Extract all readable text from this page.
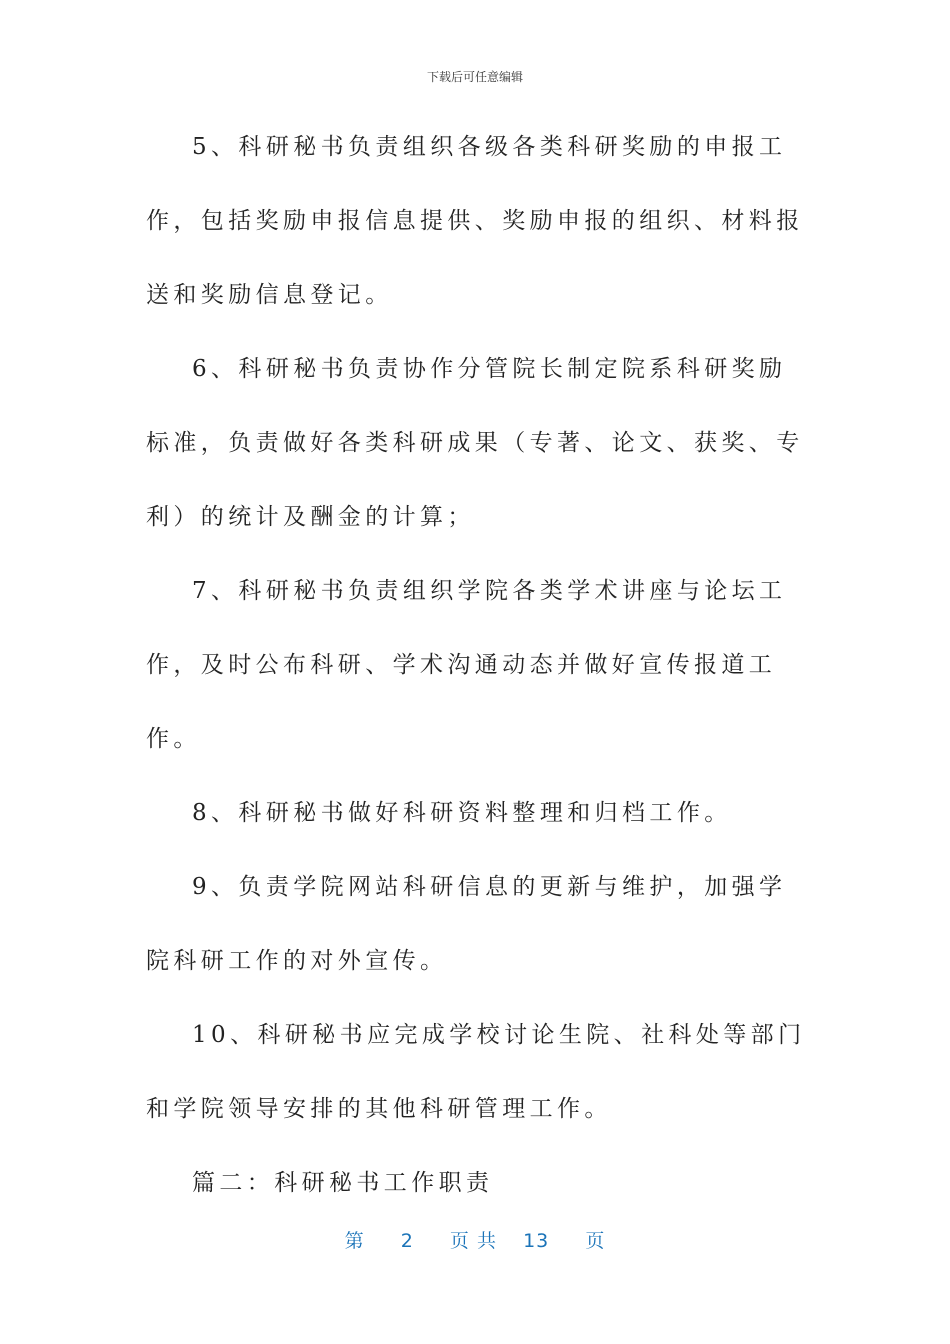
下载后可任意编辑

5、科研秘书负责组织各级各类科研奖励的申报工作，包括奖励申报信息提供、奖励申报的组织、材料报送和奖励信息登记。

6、科研秘书负责协作分管院长制定院系科研奖励标准，负责做好各类科研成果（专著、论文、获奖、专利）的统计及酬金的计算；

7、科研秘书负责组织学院各类学术讲座与论坛工作，及时公布科研、学术沟通动态并做好宣传报道工作。

8、科研秘书做好科研资料整理和归档工作。

9、负责学院网站科研信息的更新与维护，加强学院科研工作的对外宣传。

10、科研秘书应完成学校讨论生院、社科处等部门和学院领导安排的其他科研管理工作。

篇二：科研秘书工作职责

第 2 页 共 13 页
